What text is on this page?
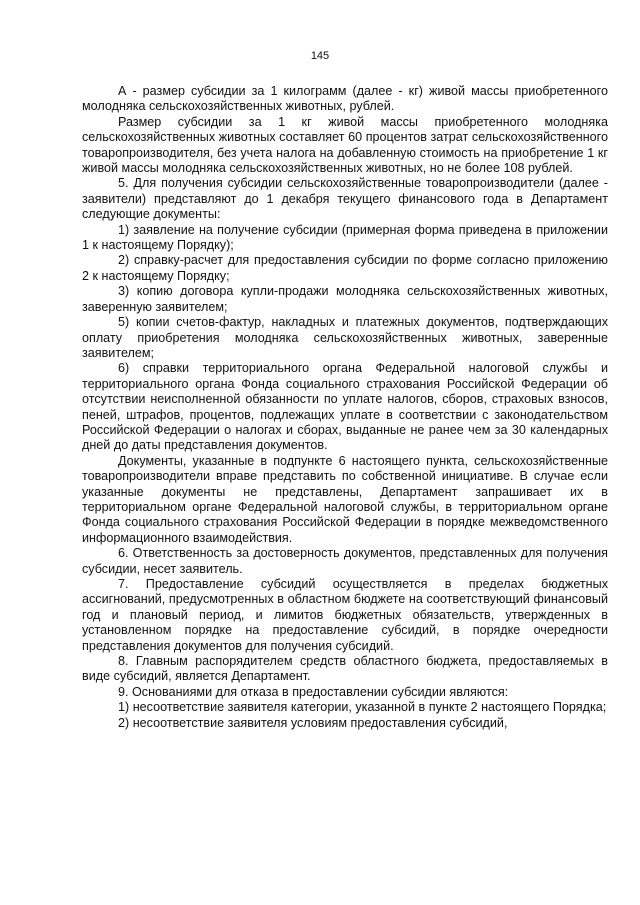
145

А - размер субсидии за 1 килограмм (далее - кг) живой массы приобретенного молодняка сельскохозяйственных животных, рублей.

Размер субсидии за 1 кг живой массы приобретенного молодняка сельскохозяйственных животных составляет 60 процентов затрат сельскохозяйственного товаропроизводителя, без учета налога на добавленную стоимость на приобретение 1 кг живой массы молодняка сельскохозяйственных животных, но не более 108 рублей.

5. Для получения субсидии сельскохозяйственные товаропроизводители (далее - заявители) представляют до 1 декабря текущего финансового года в Департамент следующие документы:

1) заявление на получение субсидии (примерная форма приведена в приложении 1 к настоящему Порядку);

2) справку-расчет для предоставления субсидии по форме согласно приложению 2 к настоящему Порядку;

3) копию договора купли-продажи молодняка сельскохозяйственных животных, заверенную заявителем;

5) копии счетов-фактур, накладных и платежных документов, подтверждающих оплату приобретения молодняка сельскохозяйственных животных, заверенные заявителем;

6) справки территориального органа Федеральной налоговой службы и территориального органа Фонда социального страхования Российской Федерации об отсутствии неисполненной обязанности по уплате налогов, сборов, страховых взносов, пеней, штрафов, процентов, подлежащих уплате в соответствии с законодательством Российской Федерации о налогах и сборах, выданные не ранее чем за 30 календарных дней до даты представления документов.

Документы, указанные в подпункте 6 настоящего пункта, сельскохозяйственные товаропроизводители вправе представить по собственной инициативе. В случае если указанные документы не представлены, Департамент запрашивает их в территориальном органе Федеральной налоговой службы, в территориальном органе Фонда социального страхования Российской Федерации в порядке межведомственного информационного взаимодействия.

6. Ответственность за достоверность документов, представленных для получения субсидии, несет заявитель.

7. Предоставление субсидий осуществляется в пределах бюджетных ассигнований, предусмотренных в областном бюджете на соответствующий финансовый год и плановый период, и лимитов бюджетных обязательств, утвержденных в установленном порядке на предоставление субсидий, в порядке очередности представления документов для получения субсидий.

8. Главным распорядителем средств областного бюджета, предоставляемых в виде субсидий, является Департамент.

9. Основаниями для отказа в предоставлении субсидии являются:

1) несоответствие заявителя категории, указанной в пункте 2 настоящего Порядка;

2) несоответствие заявителя условиям предоставления субсидий,
